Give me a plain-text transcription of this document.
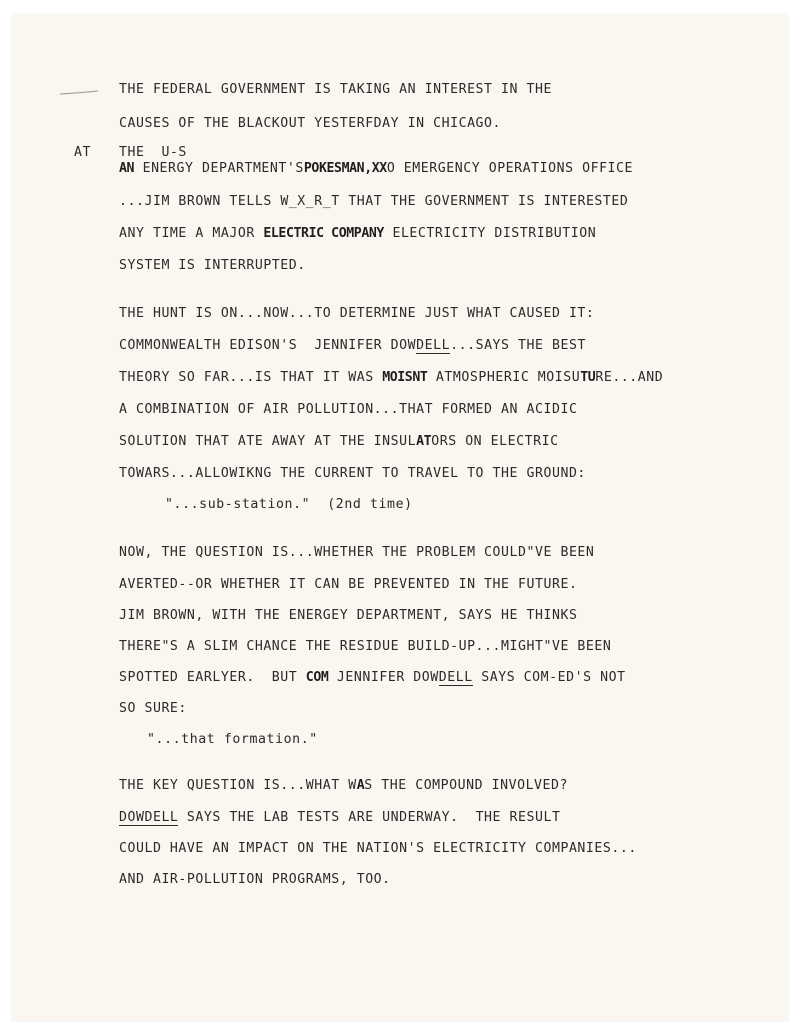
THE FEDERAL GOVERNMENT IS TAKING AN INTEREST IN THE
CAUSES OF THE BLACKOUT YESTERFDAY IN CHICAGO.
AT THE  U-S
AN ENERGY DEPARTMENT'SPOKESMAN,XXO EMERGENCY OPERATIONS OFFICE
...JIM BROWN TELLS W_X_R_T THAT THE GOVERNMENT IS INTERESTED
ANY TIME A MAJOR ELECTRIC COMPANY ELECTRICITY DISTRIBUTION
SYSTEM IS INTERRUPTED.
THE HUNT IS ON...NOW...TO DETERMINE JUST WHAT CAUSED IT:
COMMONWEALTH EDISON'S  JENNIFER DOWDELL...SAYS THE BEST
THEORY SO FAR...IS THAT IT WAS MOISNT ATMOSPHERIC MOISUTURE...AND
A COMBINATION OF AIR POLLUTION...THAT FORMED AN ACIDIC
SOLUTION THAT ATE AWAY AT THE INSULATORS ON ELECTRIC
TOWARS...ALLOWIKNG THE CURRENT TO TRAVEL TO THE GROUND:
"...sub-station."  (2nd time)
NOW, THE QUESTION IS...WHETHER THE PROBLEM COULD"VE BEEN
AVERTED--OR WHETHER IT CAN BE PREVENTED IN THE FUTURE.
JIM BROWN, WITH THE ENERGEY DEPARTMENT, SAYS HE THINKS
THERE"S A SLIM CHANCE THE RESIDUE BUILD-UP...MIGHT"VE BEEN
SPOTTED EARLYER.  BUT COM JENNIFER DOWDELL SAYS COM-ED'S NOT
SO SURE:
"...that formation."
THE KEY QUESTION IS...WHAT WAS THE COMPOUND INVOLVED?
DOWDELL SAYS THE LAB TESTS ARE UNDERWAY.  THE RESULT
COULD HAVE AN IMPACT ON THE NATION'S ELECTRICITY COMPANIES...
AND AIR-POLLUTION PROGRAMS, TOO.
